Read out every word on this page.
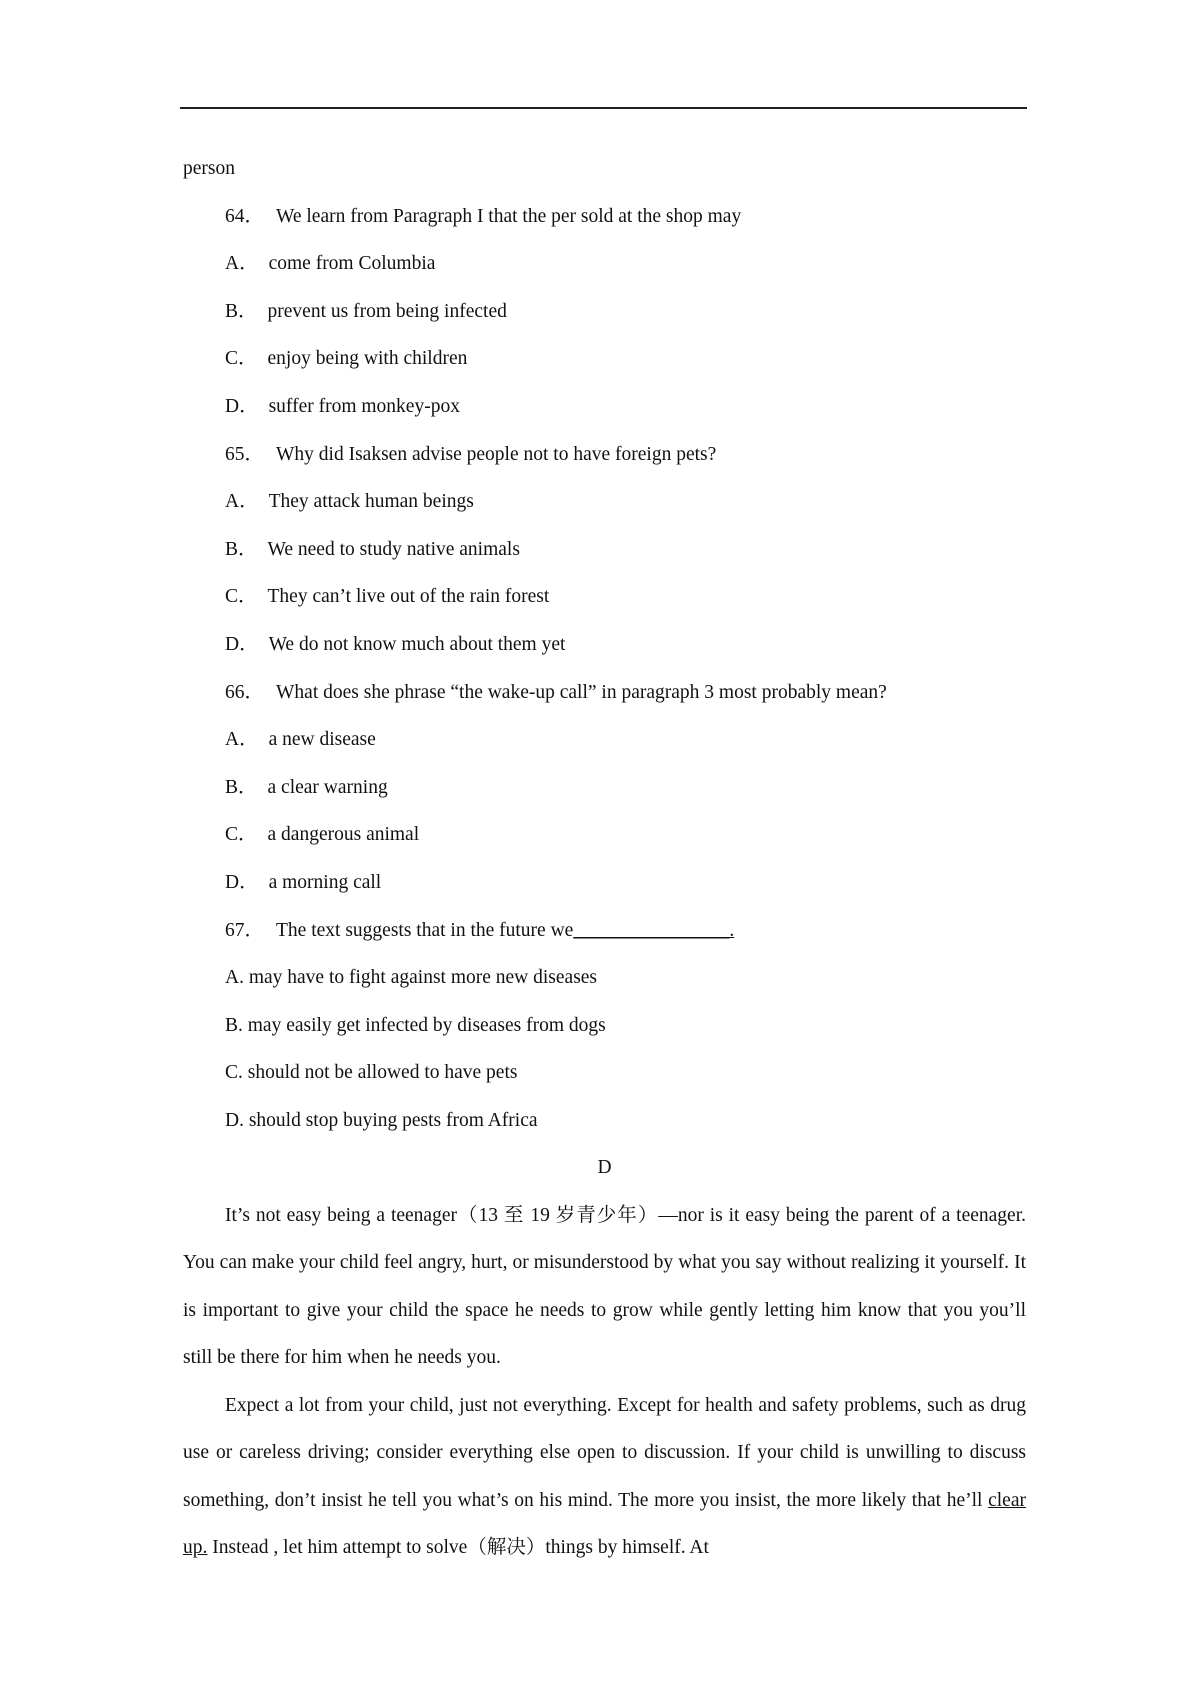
person

64． We learn from Paragraph I that the per sold at the shop may

A． come from Columbia

B． prevent us from being infected

C． enjoy being with children

D． suffer from monkey-pox

65． Why did Isaksen advise people not to have foreign pets?

A． They attack human beings

B． We need to study native animals

C． They can’t live out of the rain forest

D． We do not know much about them yet

66． What does she phrase “the wake-up call” in paragraph 3 most probably mean?

A． a new disease

B． a clear warning

C． a dangerous animal

D． a morning call

67． The text suggests that in the future we________________.

A. may have to fight against more new diseases

B. may easily get infected by diseases from dogs

C. should not be allowed to have pets

D. should stop buying pests from Africa

D

It’s not easy being a teenager（13 至 19 岁青少年）—nor is it easy being the parent of a teenager. You can make your child feel angry, hurt, or misunderstood by what you say without realizing it yourself. It is important to give your child the space he needs to grow while gently letting him know that you you’ll still be there for him when he needs you.

Expect a lot from your child, just not everything. Except for health and safety problems, such as drug use or careless driving; consider everything else open to discussion. If your child is unwilling to discuss something, don’t insist he tell you what’s on his mind. The more you insist, the more likely that he’ll clear up. Instead , let him attempt to solve（解决）things by himself. At
